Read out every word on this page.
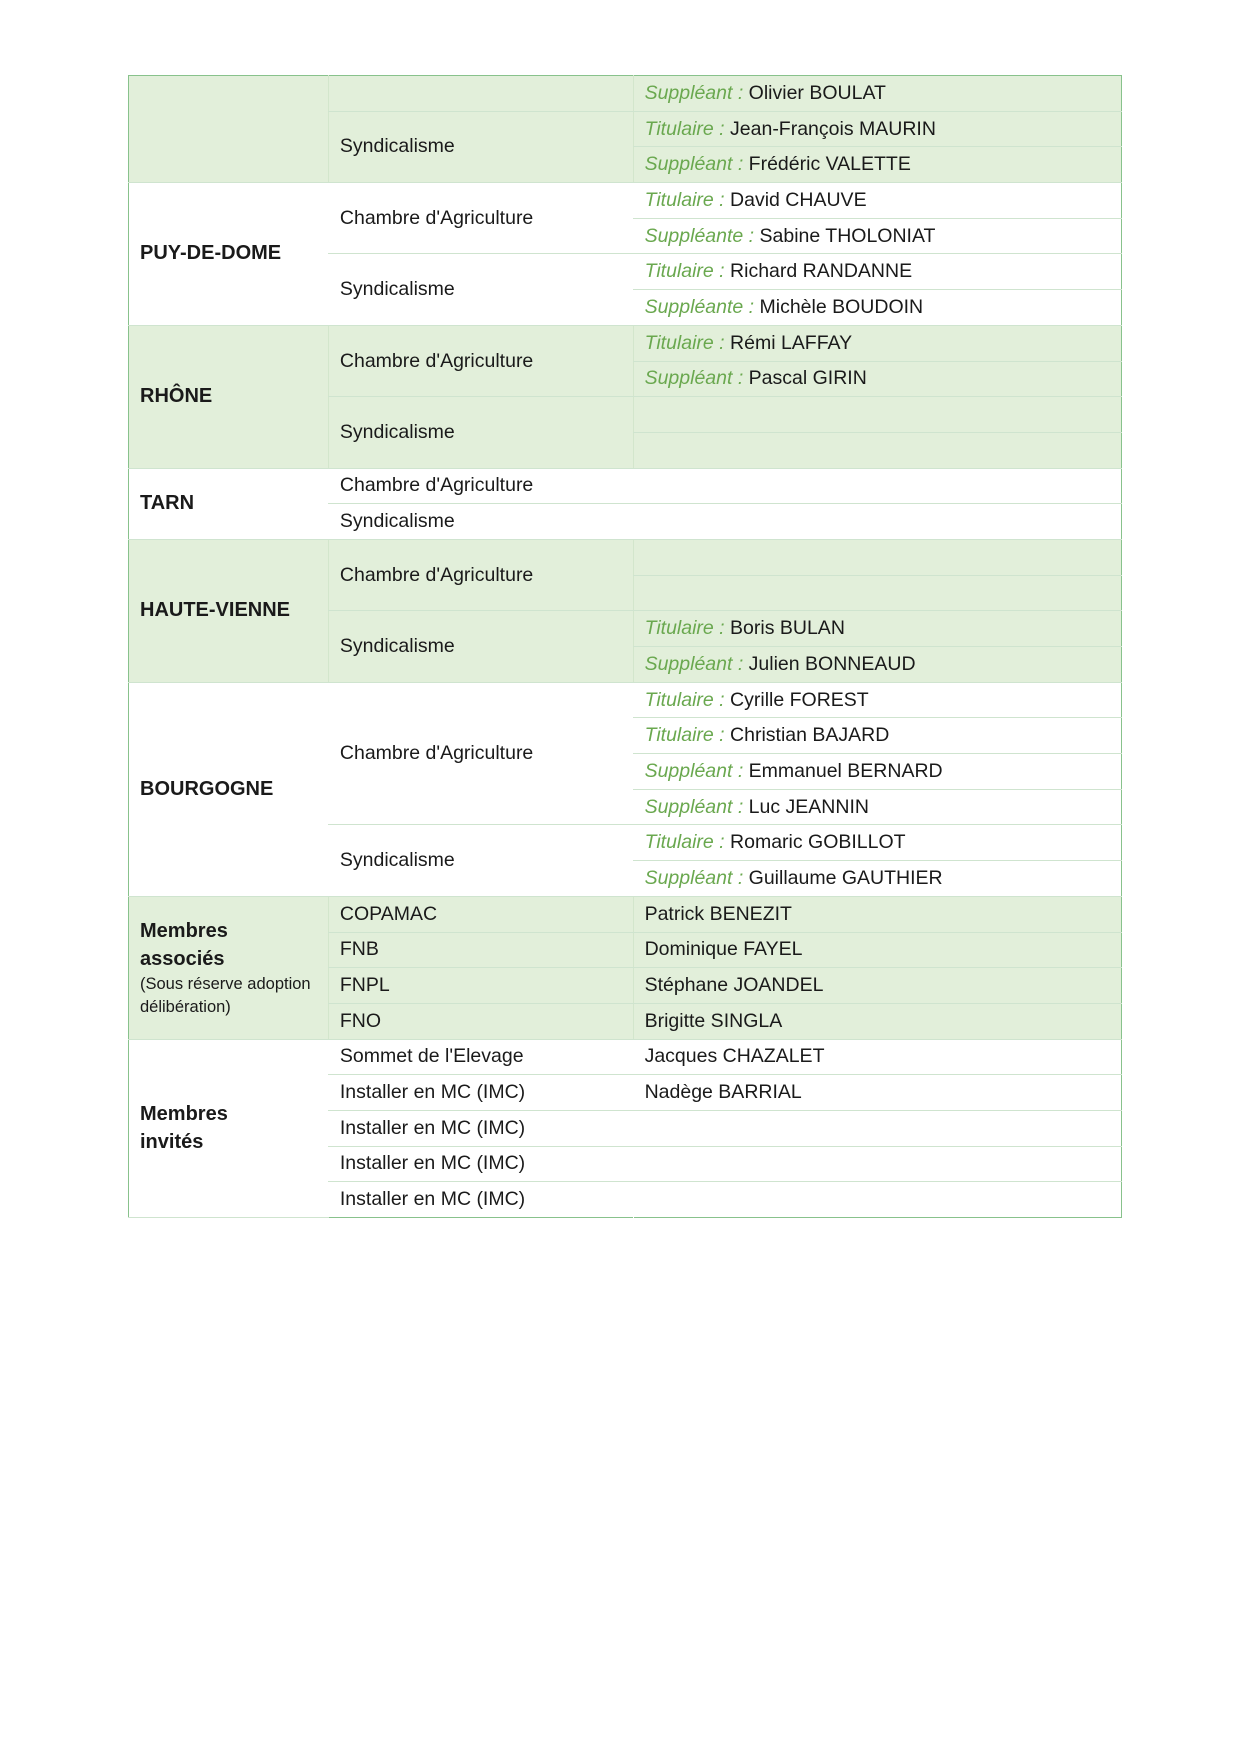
		Suppléant : Olivier BOULAT
	Syndicalisme	Titulaire : Jean-François MAURIN
		Suppléant : Frédéric VALETTE
PUY-DE-DOME	Chambre d'Agriculture	Titulaire : David CHAUVE
		Suppléante : Sabine THOLONIAT
	Syndicalisme	Titulaire : Richard RANDANNE
		Suppléante : Michèle BOUDOIN
RHÔNE	Chambre d'Agriculture	Titulaire : Rémi LAFFAY
		Suppléant : Pascal GIRIN
	Syndicalisme	

TARN	Chambre d'Agriculture	
	Syndicalisme	
HAUTE-VIENNE	Chambre d'Agriculture	

	Syndicalisme	Titulaire : Boris BULAN
		Suppléant : Julien BONNEAUD
BOURGOGNE	Chambre d'Agriculture	Titulaire : Cyrille FOREST
		Titulaire : Christian BAJARD
		Suppléant : Emmanuel BERNARD
		Suppléant : Luc JEANNIN
	Syndicalisme	Titulaire : Romaric GOBILLOT
		Suppléant : Guillaume GAUTHIER

Membres
associés
(Sous réserve adoption délibération)	COPAMAC	Patrick BENEZIT
	FNB	Dominique FAYEL
	FNPL	Stéphane JOANDEL
	FNO	Brigitte SINGLA

Membres
invités	Sommet de l'Elevage	Jacques CHAZALET
	Installer en MC (IMC)	Nadège BARRIAL
	Installer en MC (IMC)	
	Installer en MC (IMC)	
	Installer en MC (IMC)	
